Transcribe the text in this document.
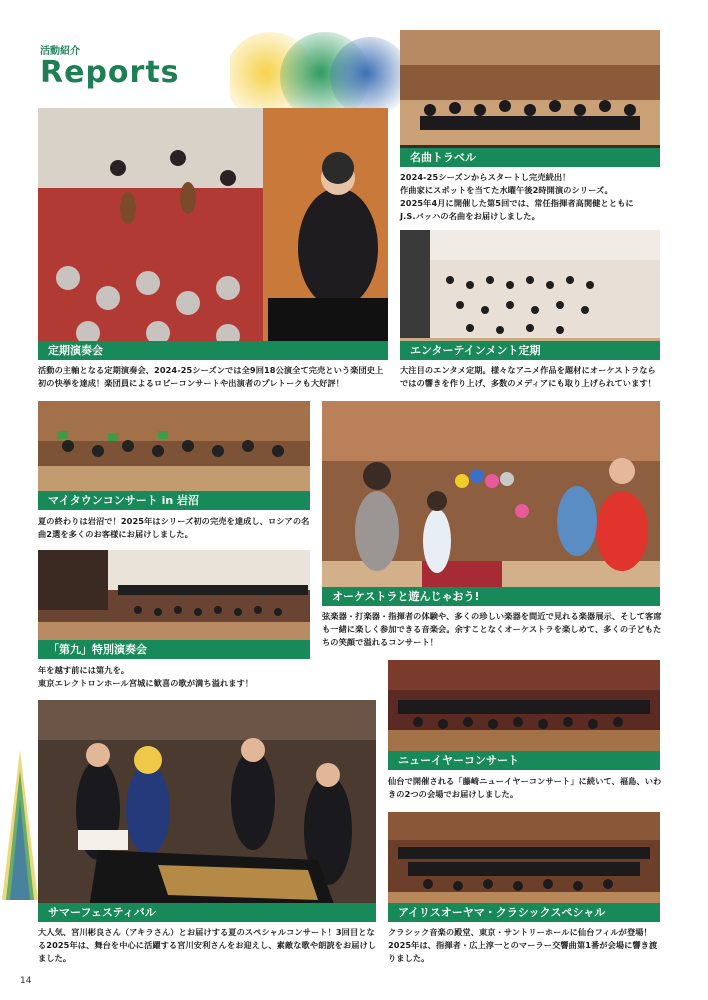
活動紹介
Reports
定期演奏会
活動の主軸となる定期演奏会、2024-25シーズンでは全9回18公演全て完売という楽団史上初の快挙を達成！楽団員によるロビーコンサートや出演者のプレトークも大好評！
名曲トラベル
2024-25シーズンからスタートし完売続出！
作曲家にスポットを当てた水曜午後2時開演のシリーズ。
2025年4月に開催した第5回では、常任指揮者高関健とともに
J.S.バッハの名曲をお届けしました。
エンターテインメント定期
大注目のエンタメ定期。様々なアニメ作品を題材にオーケストラならではの響きを作り上げ、多数のメディアにも取り上げられています！
マイタウンコンサート in 岩沼
夏の終わりは岩沼で！2025年はシリーズ初の完売を達成し、ロシアの名曲2選を多くのお客様にお届けしました。
オーケストラと遊んじゃおう!
弦楽器・打楽器・指揮者の体験や、多くの珍しい楽器を間近で見れる楽器展示、そして客席も一緒に楽しく参加できる音楽会。余すことなくオーケストラを楽しめて、多くの子どもたちの笑顔で溢れるコンサート！
「第九」特別演奏会
年を越す前には第九を。
東京エレクトロンホール宮城に歓喜の歌が満ち溢れます！
サマーフェスティバル
大人気、宮川彬良さん（アキラさん）とお届けする夏のスペシャルコンサート！3回目となる2025年は、舞台を中心に活躍する宮川安利さんをお迎えし、素敵な歌や朗読をお届けしました。
ニューイヤーコンサート
仙台で開催される「藤崎ニューイヤーコンサート」に続いて、福島、いわきの2つの会場でお届けしました。
アイリスオーヤマ・クラシックスペシャル
クラシック音楽の殿堂、東京・サントリーホールに仙台フィルが登場！2025年は、指揮者・広上淳一とのマーラー交響曲第1番が会場に響き渡りました。
14
